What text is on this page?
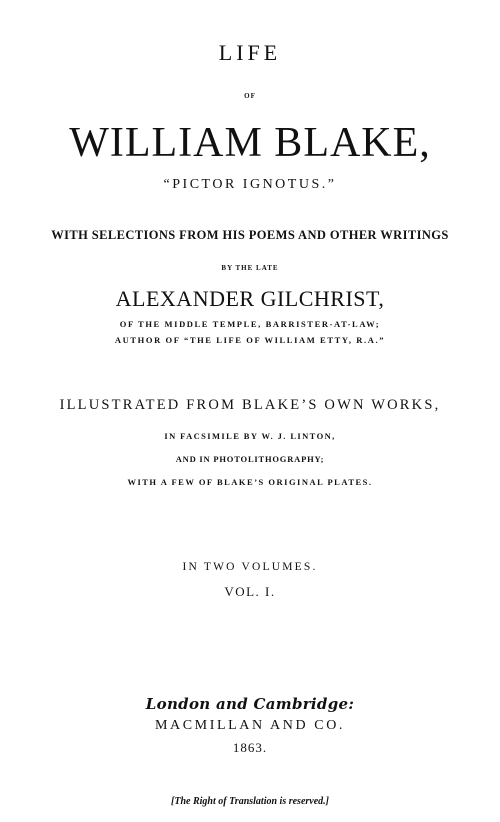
LIFE
OF
WILLIAM BLAKE,
“PICTOR IGNOTUS.”
WITH SELECTIONS FROM HIS POEMS AND OTHER WRITINGS
BY THE LATE
ALEXANDER GILCHRIST,
OF THE MIDDLE TEMPLE, BARRISTER-AT-LAW;
AUTHOR OF “THE LIFE OF WILLIAM ETTY, R.A.”
ILLUSTRATED FROM BLAKE’S OWN WORKS,
IN FACSIMILE BY W. J. LINTON,
AND IN PHOTOLITHOGRAPHY;
WITH A FEW OF BLAKE’S ORIGINAL PLATES.
IN TWO VOLUMES.
VOL. I.
London and Cambridge:
MACMILLAN AND CO.
1863.
[The Right of Translation is reserved.]
